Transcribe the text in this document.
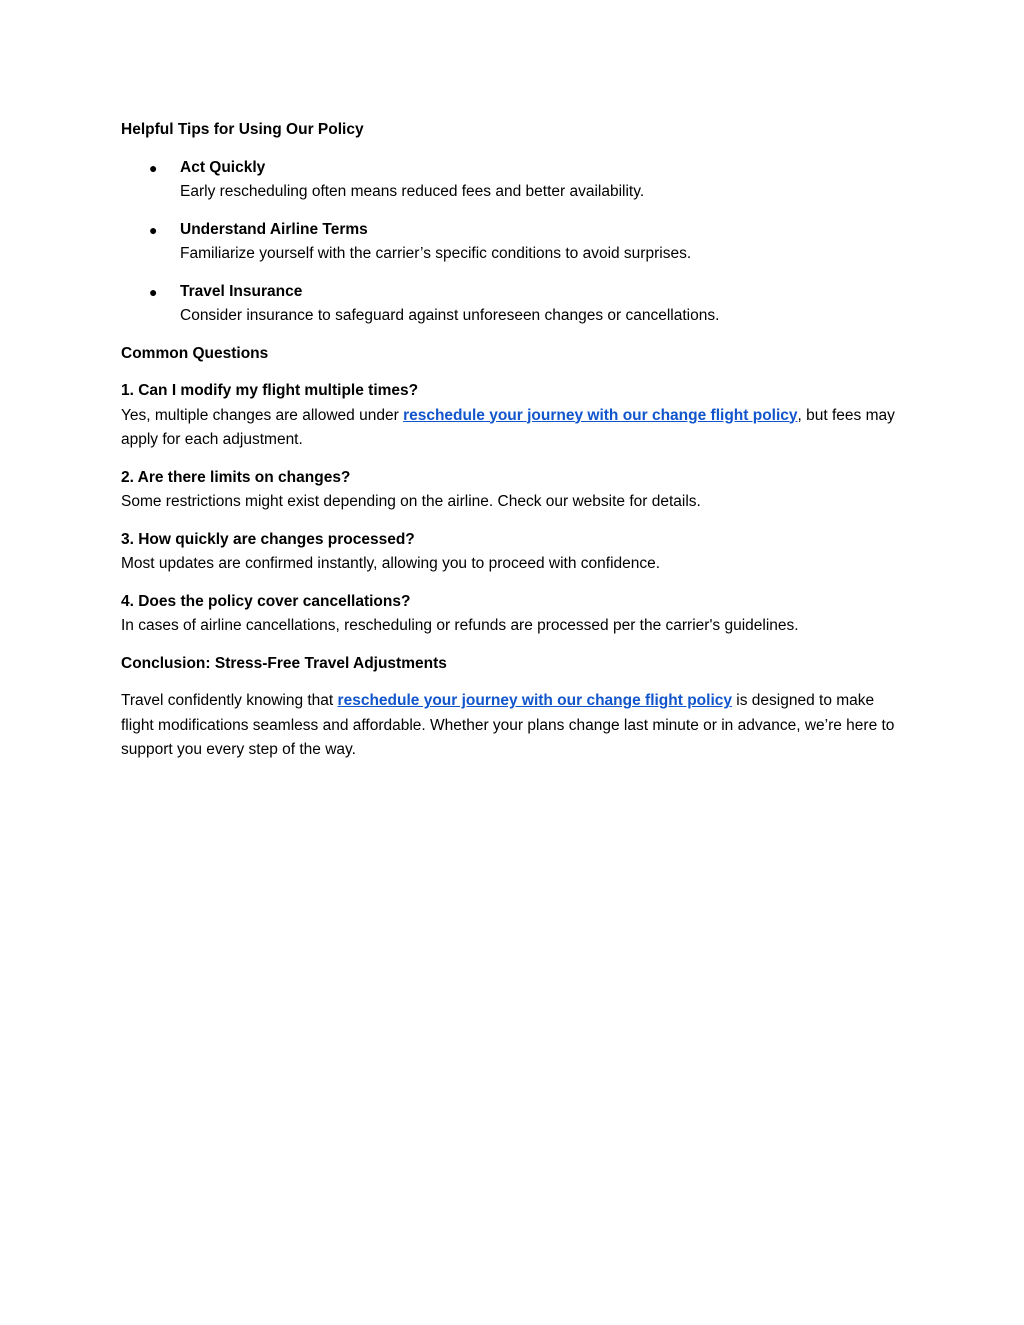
Helpful Tips for Using Our Policy
● Act Quickly
Early rescheduling often means reduced fees and better availability.
● Understand Airline Terms
Familiarize yourself with the carrier’s specific conditions to avoid surprises.
● Travel Insurance
Consider insurance to safeguard against unforeseen changes or cancellations.
Common Questions
1. Can I modify my flight multiple times?
Yes, multiple changes are allowed under reschedule your journey with our change flight policy, but fees may apply for each adjustment.
2. Are there limits on changes?
Some restrictions might exist depending on the airline. Check our website for details.
3. How quickly are changes processed?
Most updates are confirmed instantly, allowing you to proceed with confidence.
4. Does the policy cover cancellations?
In cases of airline cancellations, rescheduling or refunds are processed per the carrier's guidelines.
Conclusion: Stress-Free Travel Adjustments

Travel confidently knowing that reschedule your journey with our change flight policy is designed to make flight modifications seamless and affordable. Whether your plans change last minute or in advance, we’re here to support you every step of the way.
